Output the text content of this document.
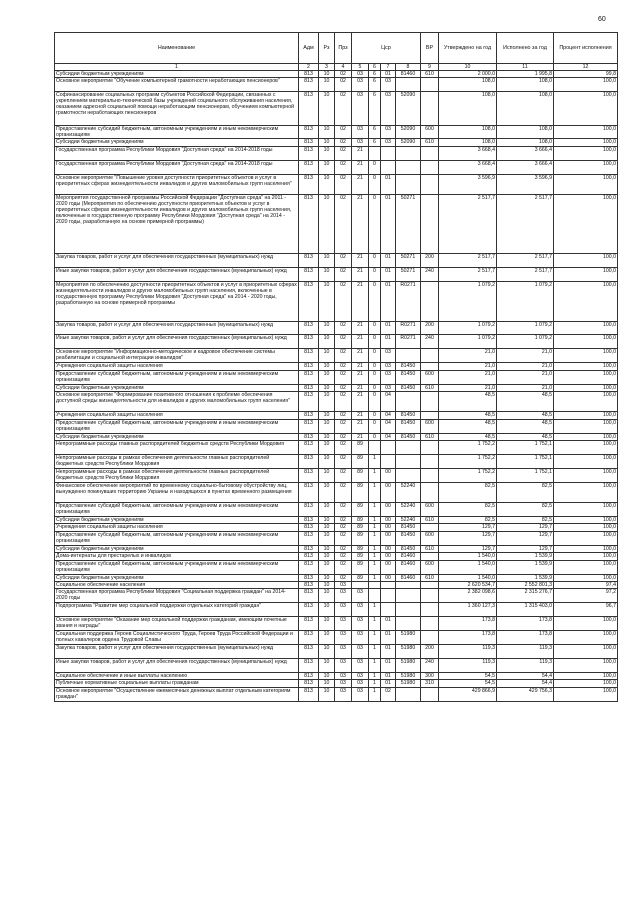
60
Наименование	Адм	Рз	Прз	Цср				ВР	Утверждено на год	Исполнено за год	Процент исполнения
1	2	3	4	5	6	7	8	9	10	11	12
Субсидии бюджетным учреждениям	813	10	02	03	6	01	81460	610	2 000,0	1 995,8	99,8
Основное мероприятие "Обучение компьютерной грамотности неработающих пенсионеров"	813	10	02	03	6	03			108,0	108,0	100,0
Софинансирование социальных программ субъектов Российской Федерации, связанных с укреплением материально-технической базы учреждений социального обслуживания населения, оказанием адресной социальной помощи неработающим пенсионерам, обучением компьютерной грамотности неработающих пенсионеров	813	10	02	03	6	03	52090		108,0	108,0	100,0
Предоставление субсидий бюджетным, автономным учреждениям и иным некоммерческим организациям	813	10	02	03	6	03	52090	600	108,0	108,0	100,0
Субсидии бюджетным учреждениям	813	10	02	03	6	03	52090	610	108,0	108,0	100,0
Государственная программа Республики Мордовия "Доступная среда" на 2014-2018 годы	813	10	02	21					3 668,4	3 666,4	100,0
Государственная программа Республики Мордовия "Доступная среда" на 2014-2018 годы	813	10	02	21	0				3 668,4	3 666,4	100,0
Основное мероприятие "Повышение уровня доступности приоритетных объектов и услуг в приоритетных сферах жизнедеятельности инвалидов и других маломобильных групп населения"	813	10	02	21	0	01			3 596,9	3 596,9	100,0
Мероприятия государственной программы Российской Федерации "Доступная среда" на 2011 - 2020 годы (Мероприятия по обеспечению доступности приоритетных объектов и услуг в приоритетных сферах жизнедеятельности инвалидов и других маломобильных групп населения, включенные в государственную программу Республики Мордовия "Доступная среда" на 2014 - 2020 годы, разработанную на основе примерной программы)	813	10	02	21	0	01	50271		2 517,7	2 517,7	100,0
Закупка товаров, работ и услуг для обеспечения государственных (муниципальных) нужд	813	10	02	21	0	01	50271	200	2 517,7	2 517,7	100,0
Иные закупки товаров, работ и услуг для обеспечения государственных (муниципальных) нужд	813	10	02	21	0	01	50271	240	2 517,7	2 517,7	100,0
Мероприятия по обеспечению доступности приоритетных объектов и услуг в приоритетных сферах жизнедеятельности инвалидов и других маломобильных групп населения, включенные в государственную программу Республики Мордовия "Доступная среда" на 2014 - 2020 годы, разработанную на основе примерной программы	813	10	02	21	0	01	R0271		1 079,2	1 079,2	100,0
Закупка товаров, работ и услуг для обеспечения государственных (муниципальных) нужд	813	10	02	21	0	01	R0271	200	1 079,2	1 079,2	100,0
Иные закупки товаров, работ и услуг для обеспечения государственных (муниципальных) нужд	813	10	02	21	0	01	R0271	240	1 079,2	1 079,2	100,0
Основное мероприятие "Информационно-методическое и кадровое обеспечение системы реабилитации и социальной интеграции инвалидов"	813	10	02	21	0	03			21,0	21,0	100,0
Учреждения социальной защиты населения	813	10	02	21	0	03	81450		21,0	21,0	100,0
Предоставление субсидий бюджетным, автономным учреждениям и иным некоммерческим организациям	813	10	02	21	0	03	81450	600	21,0	21,0	100,0
Субсидии бюджетным учреждениям	813	10	02	21	0	03	81450	610	21,0	21,0	100,0
Основное мероприятие "Формирование позитивного отношения к проблеме обеспечения доступной среды жизнедеятельности для инвалидов и других маломобильных групп населения"	813	10	02	21	0	04			48,5	48,5	100,0
Учреждения социальной защиты населения	813	10	02	21	0	04	81450		48,5	48,5	100,0
Предоставление субсидий бюджетным, автономным учреждениям и иным некоммерческим организациям	813	10	02	21	0	04	81450	600	48,5	48,5	100,0
Субсидии бюджетным учреждениям	813	10	02	21	0	04	81450	610	48,5	48,5	100,0
Непрограммные расходы главных распорядителей бюджетных средств Республики Мордовия	813	10	02	89					1 752,2	1 752,1	100,0
Непрограммные расходы в рамках обеспечения деятельности главных распорядителей бюджетных средств Республики Мордовия	813	10	02	89	1				1 752,2	1 752,1	100,0
Непрограммные расходы в рамках обеспечения деятельности главных распорядителей бюджетных средств Республики Мордовия	813	10	02	89	1	00			1 752,2	1 752,1	100,0
Финансовое обеспечение мероприятий по временному социально-бытовому обустройству лиц, вынужденно покинувших территорию Украины и находящихся в пунктах временного размещения	813	10	02	89	1	00	52240		82,5	82,5	100,0
Предоставление субсидий бюджетным, автономным учреждениям и иным некоммерческим организациям	813	10	02	89	1	00	52240	600	82,5	82,5	100,0
Субсидии бюджетным учреждениям	813	10	02	89	1	00	52240	610	82,5	82,5	100,0
Учреждения социальной защиты населения	813	10	02	89	1	00	81450		129,7	129,7	100,0
Предоставление субсидий бюджетным, автономным учреждениям и иным некоммерческим организациям	813	10	02	89	1	00	81450	600	129,7	129,7	100,0
Субсидии бюджетным учреждениям	813	10	02	89	1	00	81450	610	129,7	129,7	100,0
Дома-интернаты для престарелых и инвалидов	813	10	02	89	1	00	81460		1 540,0	1 539,9	100,0
Предоставление субсидий бюджетным, автономным учреждениям и иным некоммерческим организациям	813	10	02	89	1	00	81460	600	1 540,0	1 539,9	100,0
Субсидии бюджетным учреждениям	813	10	02	89	1	00	81460	610	1 540,0	1 539,9	100,0
Социальное обеспечение населения	813	10	03						2 620 534,7	2 552 801,3	97,4
Государственная программа Республики Мордовия "Социальная поддержка граждан" на 2014-2020 годы	813	10	03	03					2 382 098,6	2 315 276,7	97,2
Подпрограмма "Развитие мер социальной поддержки отдельных категорий граждан"	813	10	03	03	1				1 360 127,3	1 315 403,0	96,7
Основное мероприятие "Оказание мер социальной поддержки гражданам, имеющим почетные звания и награды"	813	10	03	03	1	01			173,8	173,8	100,0
Социальная поддержка Героев Социалистического Труда, Героев Труда Российской Федерации и полных кавалеров ордена Трудовой Славы	813	10	03	03	1	01	51980		173,8	173,8	100,0
Закупка товаров, работ и услуг для обеспечения государственных (муниципальных) нужд	813	10	03	03	1	01	51980	200	119,3	119,3	100,0
Иные закупки товаров, работ и услуг для обеспечения государственных (муниципальных) нужд	813	10	03	03	1	01	51980	240	119,3	119,3	100,0
Социальное обеспечение и иные выплаты населению	813	10	03	03	1	01	51980	300	54,5	54,4	100,0
Публичные нормативные социальные выплаты гражданам	813	10	03	03	1	01	51980	310	54,5	54,4	100,0
Основное мероприятие "Осуществление ежемесячных денежных выплат отдельным категориям граждан"	813	10	03	03	1	02			429 866,9	429 756,3	100,0
